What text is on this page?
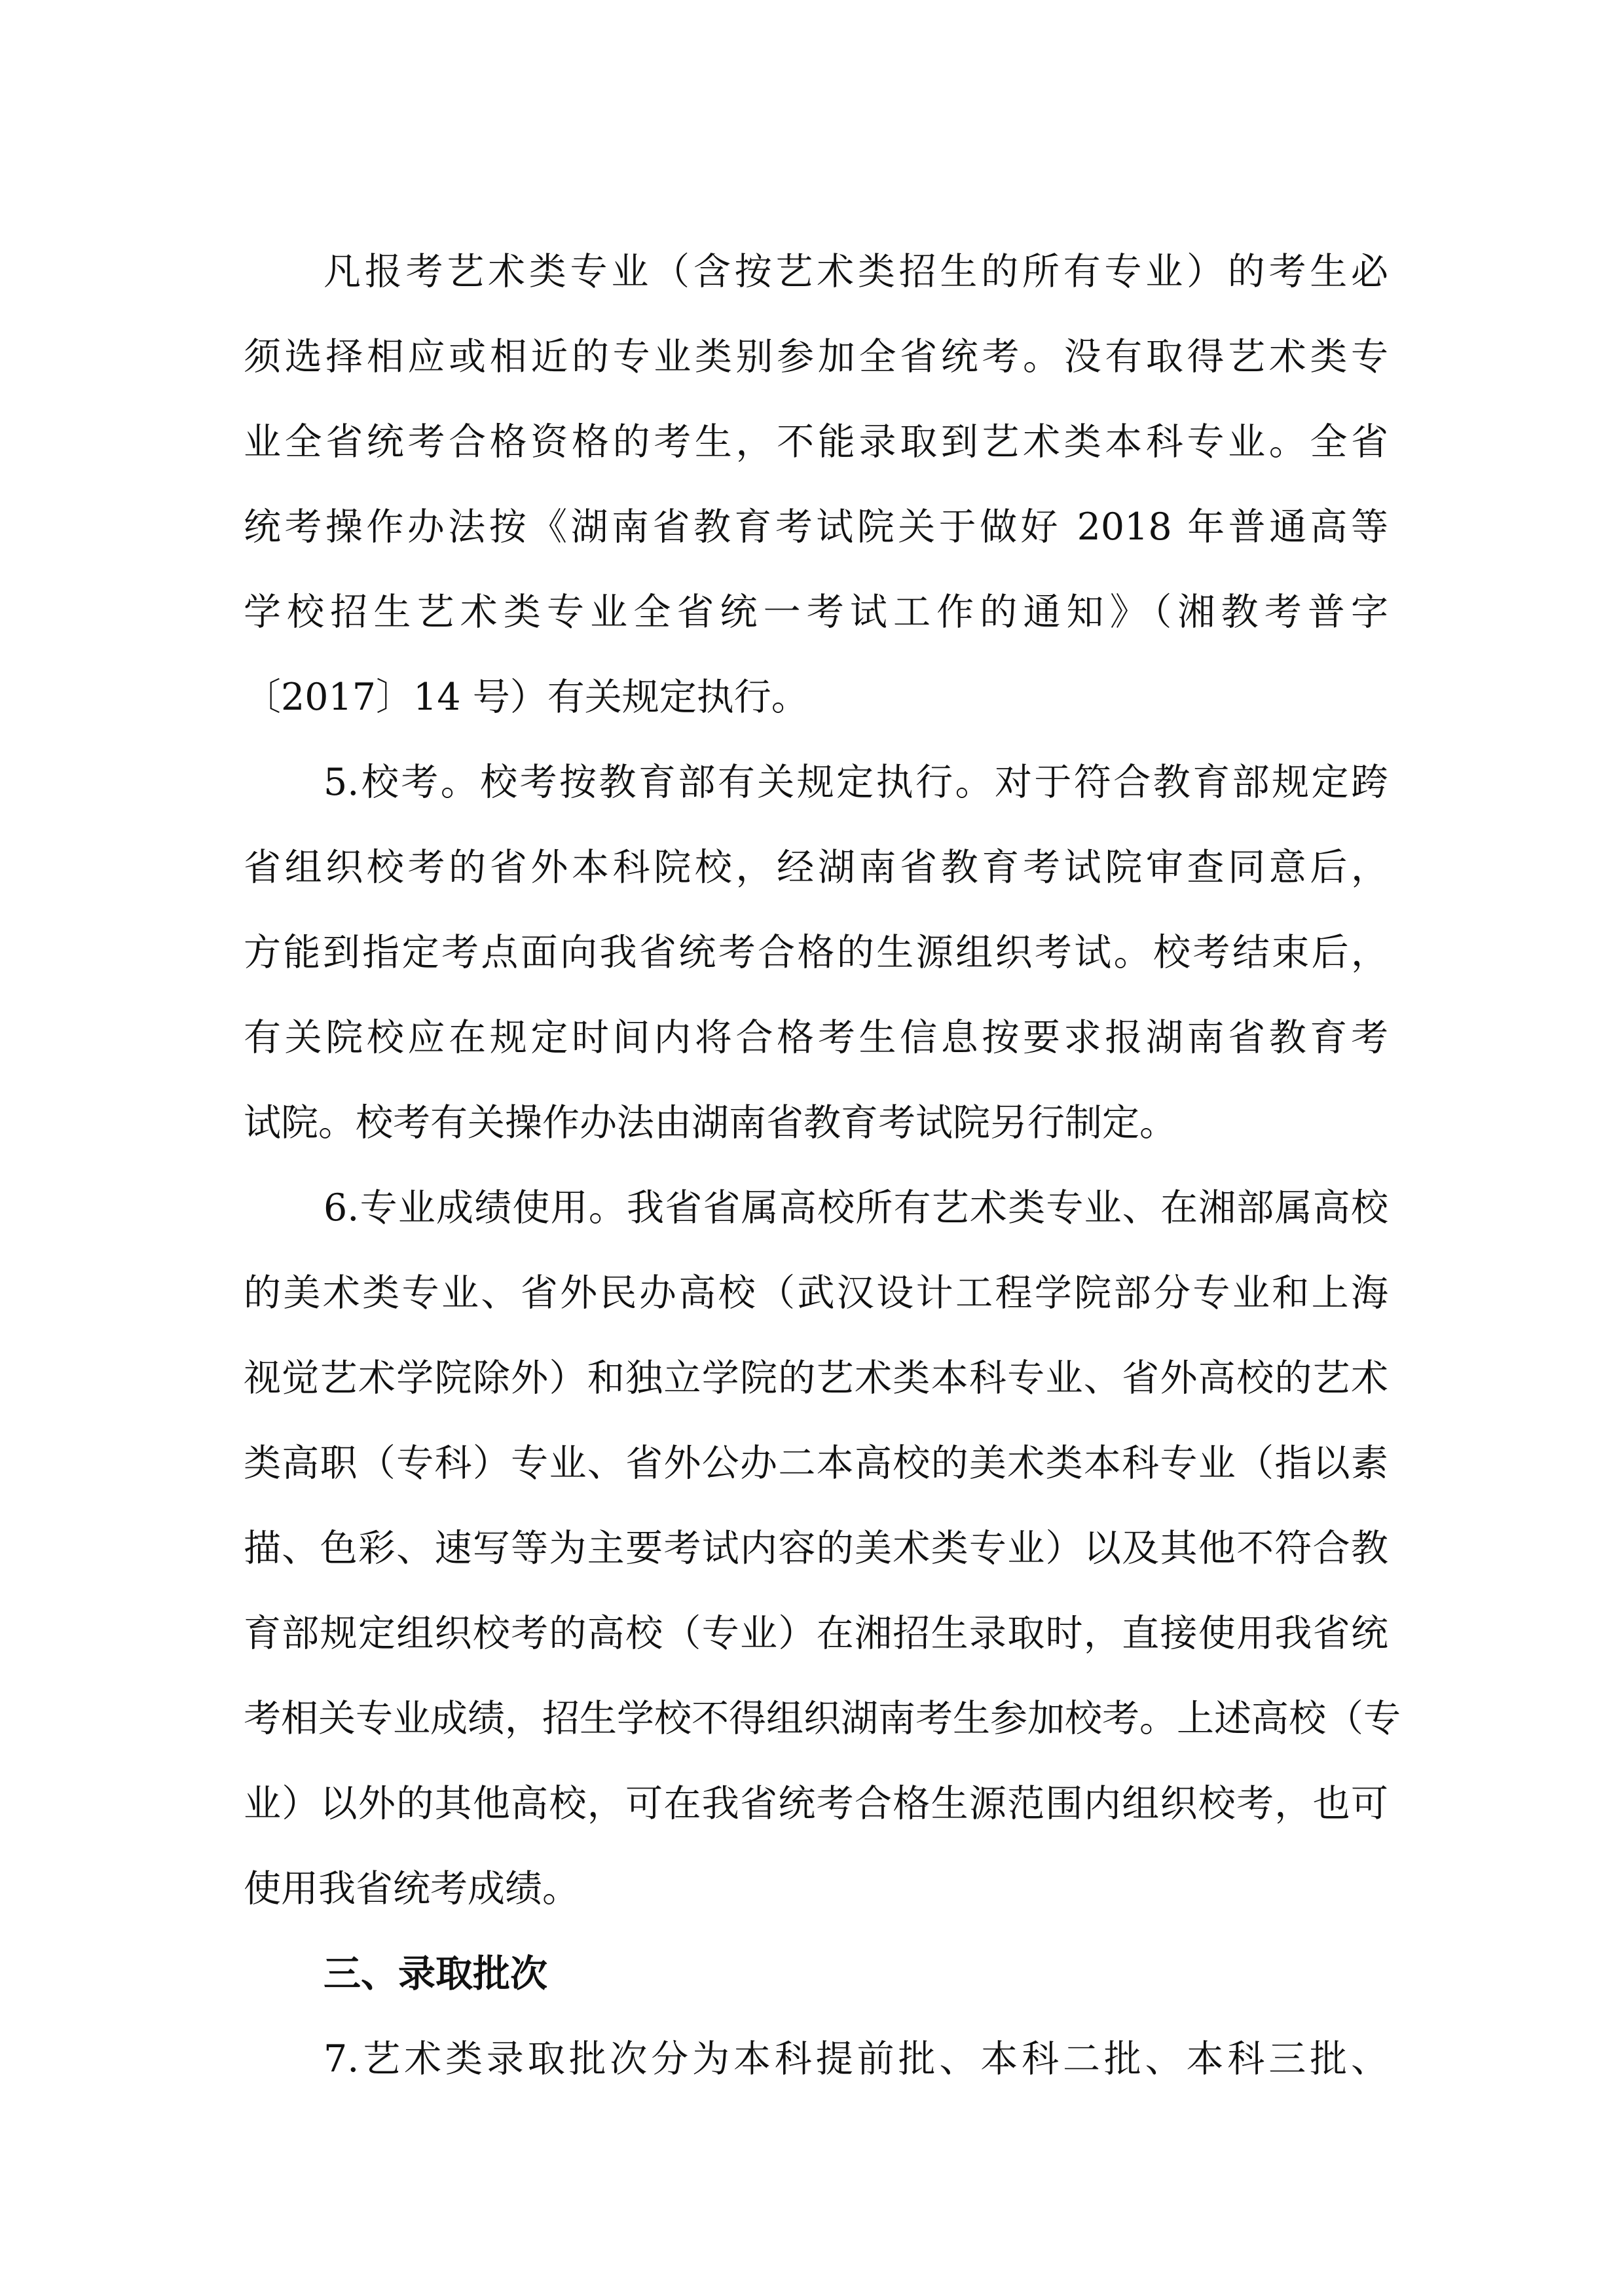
凡报考艺术类专业（含按艺术类招生的所有专业）的考生必
须选择相应或相近的专业类别参加全省统考。没有取得艺术类专
业全省统考合格资格的考生，不能录取到艺术类本科专业。全省
统考操作办法按《湖南省教育考试院关于做好 2018 年普通高等
学校招生艺术类专业全省统一考试工作的通知》（湘教考普字
〔2017〕14 号）有关规定执行。
5.校考。校考按教育部有关规定执行。对于符合教育部规定跨
省组织校考的省外本科院校，经湖南省教育考试院审查同意后，
方能到指定考点面向我省统考合格的生源组织考试。校考结束后，
有关院校应在规定时间内将合格考生信息按要求报湖南省教育考
试院。校考有关操作办法由湖南省教育考试院另行制定。
6.专业成绩使用。我省省属高校所有艺术类专业、在湘部属高校
的美术类专业、省外民办高校（武汉设计工程学院部分专业和上海
视觉艺术学院除外）和独立学院的艺术类本科专业、省外高校的艺术
类高职（专科）专业、省外公办二本高校的美术类本科专业（指以素
描、色彩、速写等为主要考试内容的美术类专业）以及其他不符合教
育部规定组织校考的高校（专业）在湘招生录取时，直接使用我省统
考相关专业成绩，招生学校不得组织湖南考生参加校考。上述高校（专
业）以外的其他高校，可在我省统考合格生源范围内组织校考，也可
使用我省统考成绩。
三、录取批次
7.艺术类录取批次分为本科提前批、本科二批、本科三批、
